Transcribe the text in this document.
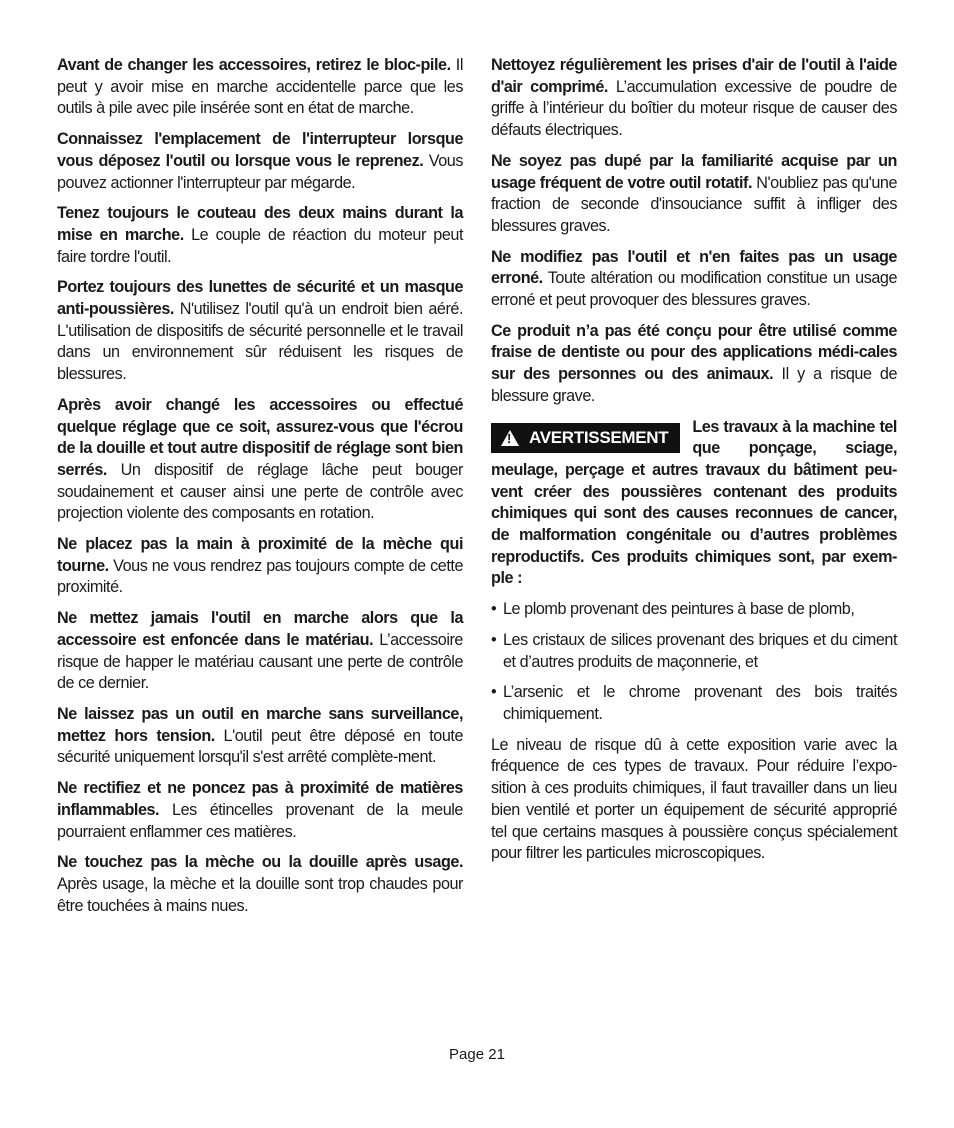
Avant de changer les accessoires, retirez le bloc-pile. Il peut y avoir mise en marche accidentelle parce que les outils à pile avec pile insérée sont en état de marche.

Connaissez l'emplacement de l'interrupteur lorsque vous déposez l'outil ou lorsque vous le reprenez. Vous pouvez actionner l'interrupteur par mégarde.

Tenez toujours le couteau des deux mains durant la mise en marche. Le couple de réaction du moteur peut faire tordre l'outil.

Portez toujours des lunettes de sécurité et un masque anti-poussières. N'utilisez l'outil qu'à un endroit bien aéré. L'utilisation de dispositifs de sécurité personnelle et le travail dans un environnement sûr réduisent les risques de blessures.

Après avoir changé les accessoires ou effectué quelque réglage que ce soit, assurez-vous que l'écrou de la douille et tout autre dispositif de réglage sont bien serrés. Un dispositif de réglage lâche peut bouger soudainement et causer ainsi une perte de contrôle avec projection violente des composants en rotation.

Ne placez pas la main à proximité de la mèche qui tourne. Vous ne vous rendrez pas toujours compte de cette proximité.

Ne mettez jamais l'outil en marche alors que la accessoire est enfoncée dans le matériau. L’accessoire risque de happer le matériau causant une perte de contrôle de ce dernier.

Ne laissez pas un outil en marche sans surveillance, mettez hors tension. L'outil peut être déposé en toute sécurité uniquement lorsqu'il s'est arrêté complète-ment.

Ne rectifiez et ne poncez pas à proximité de matières inflammables. Les étincelles provenant de la meule pourraient enflammer ces matières.

Ne touchez pas la mèche ou la douille après usage. Après usage, la mèche et la douille sont trop chaudes pour être touchées à mains nues.

Nettoyez régulièrement les prises d'air de l'outil à l'aide d'air comprimé. L’accumulation excessive de poudre de griffe à l’intérieur du boîtier du moteur risque de causer des défauts électriques.

Ne soyez pas dupé par la familiarité acquise par un usage fréquent de votre outil rotatif. N'oubliez pas qu'une fraction de seconde d'insouciance suffit à infliger des blessures graves.

Ne modifiez pas l'outil et n'en faites pas un usage erroné. Toute altération ou modification constitue un usage erroné et peut provoquer des blessures graves.

Ce produit n’a pas été conçu pour être utilisé comme fraise de dentiste ou pour des applications médi-cales sur des personnes ou des animaux. Il y a risque de blessure grave.

!
AVERTISSEMENT
Les travaux à la machine tel que ponçage, sciage, meulage, perçage et autres travaux du bâtiment peu-vent créer des poussières contenant des produits chimiques qui sont des causes reconnues de cancer, de malformation congénitale ou d’autres problèmes reproductifs. Ces produits chimiques sont, par exem-ple :
• Le plomb provenant des peintures à base de plomb,
• Les cristaux de silices provenant des briques et du ciment et d’autres produits de maçonnerie, et
• L’arsenic et le chrome provenant des bois traités chimiquement.

Le niveau de risque dû à cette exposition varie avec la fréquence de ces types de travaux. Pour réduire l’expo-sition à ces produits chimiques, il faut travailler dans un lieu bien ventilé et porter un équipement de sécurité approprié tel que certains masques à poussière conçus spécialement pour filtrer les particules microscopiques.

Page 21
